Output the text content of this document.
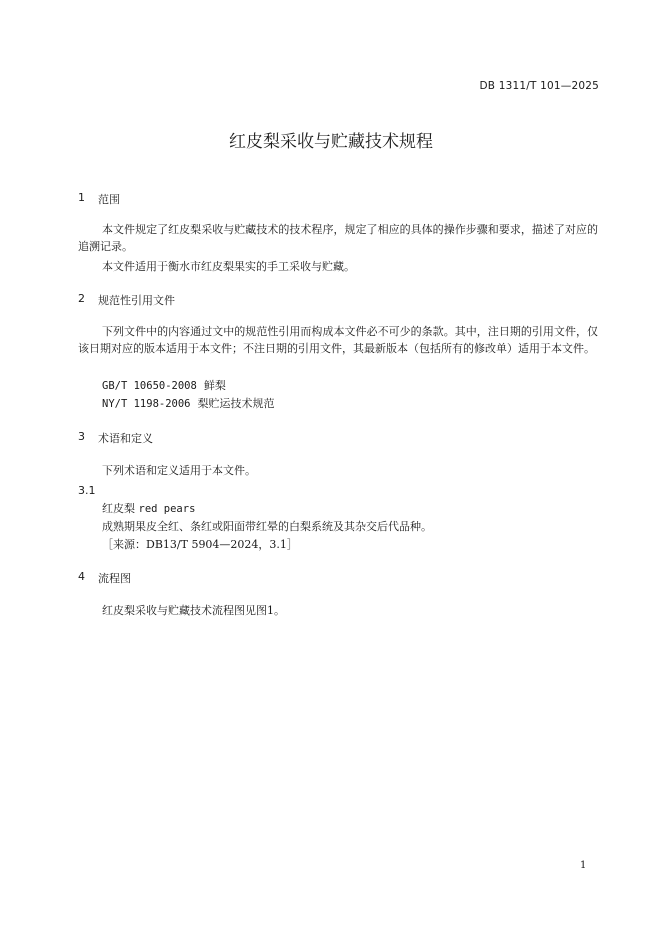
DB 1311/T 101—2025
红皮梨采收与贮藏技术规程
1 范围
本文件规定了红皮梨采收与贮藏技术的技术程序，规定了相应的具体的操作步骤和要求，描述了对应的追溯记录。
本文件适用于衡水市红皮梨果实的手工采收与贮藏。
2 规范性引用文件
下列文件中的内容通过文中的规范性引用而构成本文件必不可少的条款。其中，注日期的引用文件，仅该日期对应的版本适用于本文件；不注日期的引用文件，其最新版本（包括所有的修改单）适用于本文件。
GB/T 10650-2008 鲜梨
NY/T 1198-2006 梨贮运技术规范
3 术语和定义
下列术语和定义适用于本文件。
3.1
红皮梨 red pears
成熟期果皮全红、条红或阳面带红晕的白梨系统及其杂交后代品种。
［来源：DB13/T 5904—2024，3.1］
4 流程图
红皮梨采收与贮藏技术流程图见图1。
1
